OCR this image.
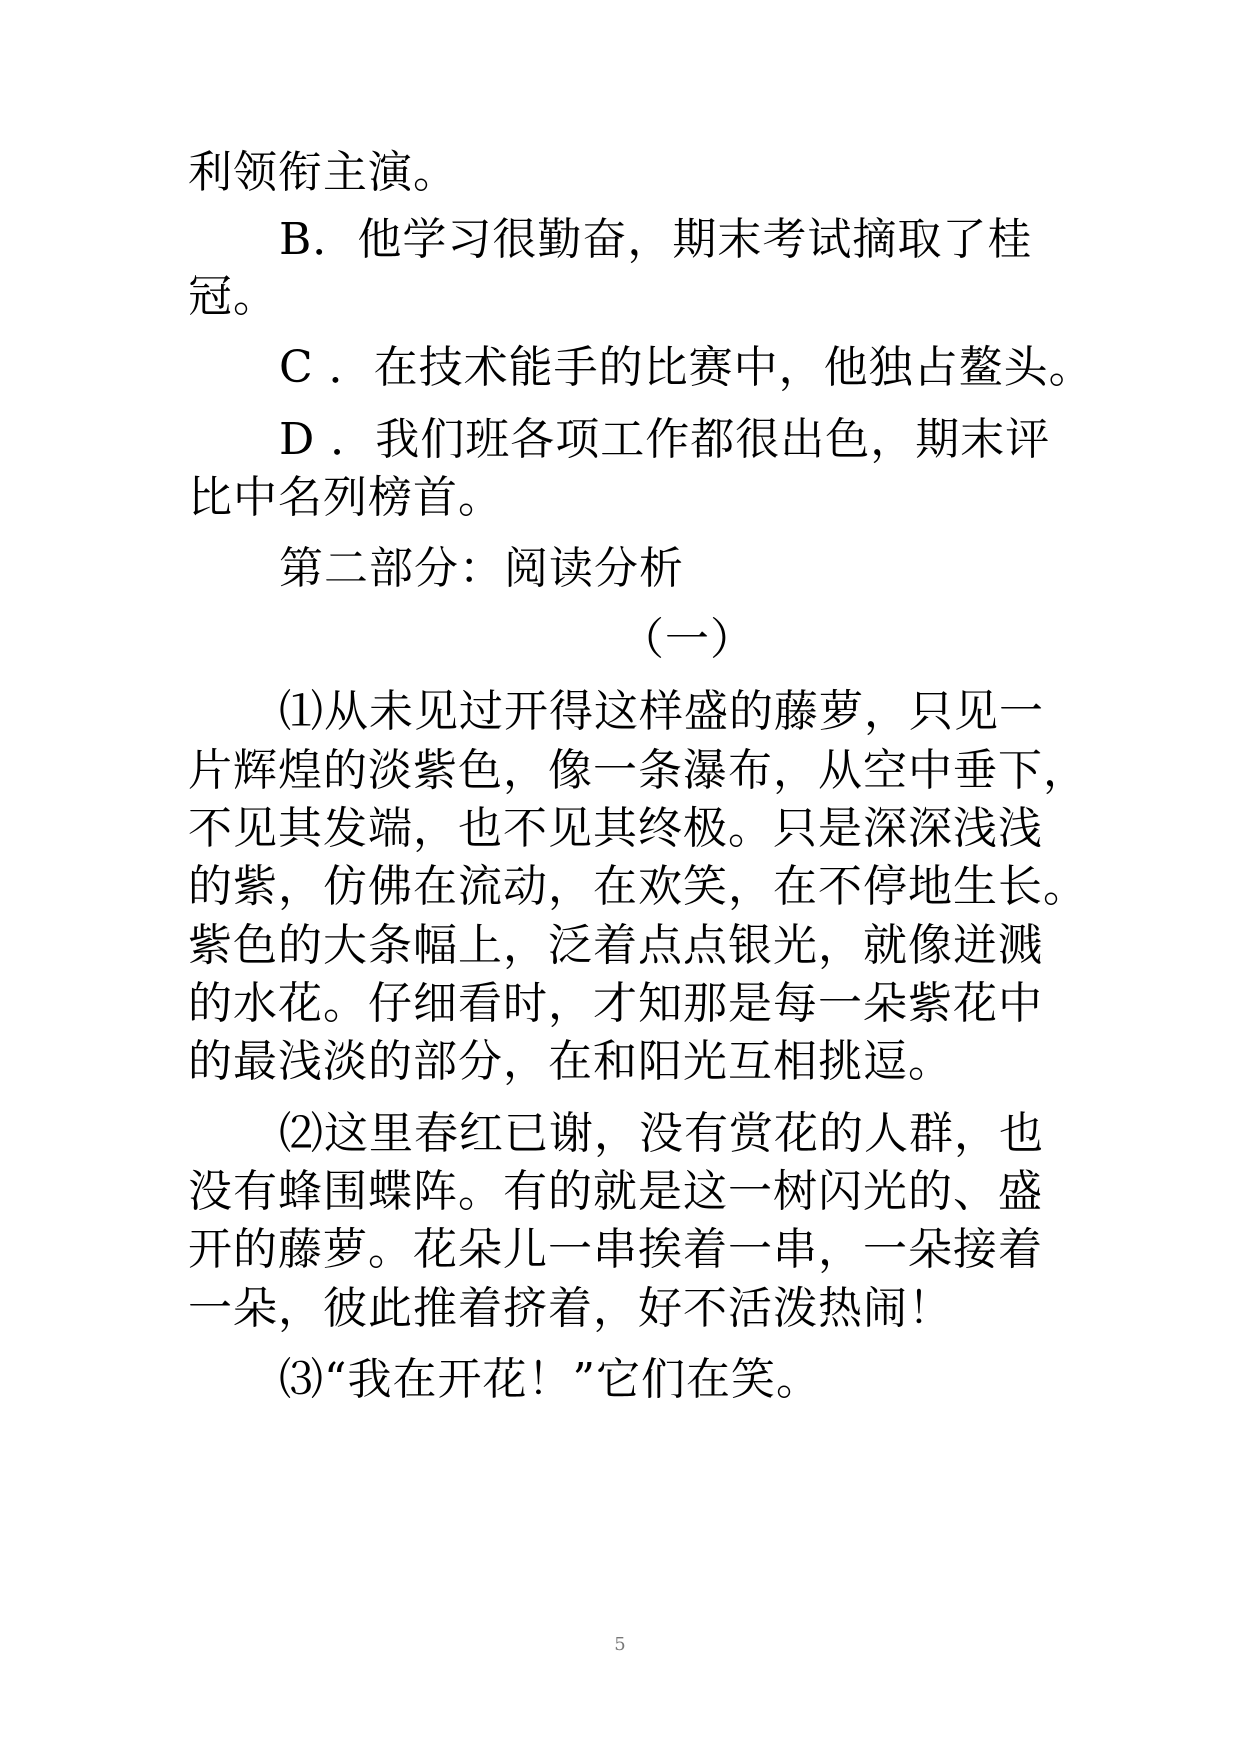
利领衔主演。
B．他学习很勤奋，期末考试摘取了桂
冠。
C ．在技术能手的比赛中，他独占鳌头。
D ．我们班各项工作都很出色，期末评
比中名列榜首。
第二部分：阅读分析
（一）
⑴从未见过开得这样盛的藤萝，只见一
片辉煌的淡紫色，像一条瀑布，从空中垂下，
不见其发端，也不见其终极。只是深深浅浅
的紫，仿佛在流动，在欢笑，在不停地生长。
紫色的大条幅上，泛着点点银光，就像迸溅
的水花。仔细看时，才知那是每一朵紫花中
的最浅淡的部分，在和阳光互相挑逗。
⑵这里春红已谢，没有赏花的人群，也
没有蜂围蝶阵。有的就是这一树闪光的、盛
开的藤萝。花朵儿一串挨着一串，一朵接着
一朵，彼此推着挤着，好不活泼热闹！
⑶“我在开花！”它们在笑。
5
